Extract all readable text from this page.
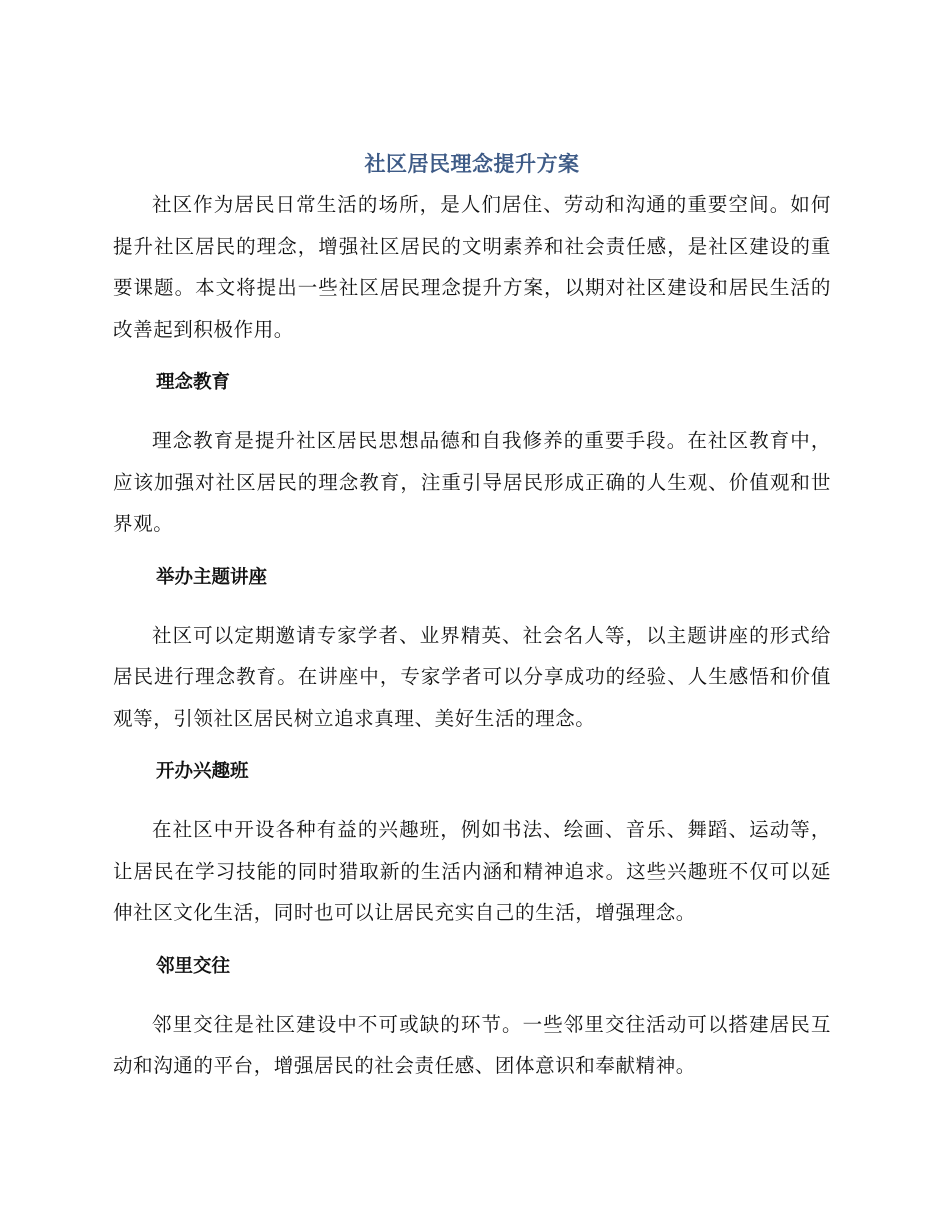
社区居民理念提升方案

社区作为居民日常生活的场所，是人们居住、劳动和沟通的重要空间。如何提升社区居民的理念，增强社区居民的文明素养和社会责任感，是社区建设的重要课题。本文将提出一些社区居民理念提升方案，以期对社区建设和居民生活的改善起到积极作用。

理念教育

理念教育是提升社区居民思想品德和自我修养的重要手段。在社区教育中，应该加强对社区居民的理念教育，注重引导居民形成正确的人生观、价值观和世界观。

举办主题讲座

社区可以定期邀请专家学者、业界精英、社会名人等，以主题讲座的形式给居民进行理念教育。在讲座中，专家学者可以分享成功的经验、人生感悟和价值观等，引领社区居民树立追求真理、美好生活的理念。

开办兴趣班

在社区中开设各种有益的兴趣班，例如书法、绘画、音乐、舞蹈、运动等，让居民在学习技能的同时猎取新的生活内涵和精神追求。这些兴趣班不仅可以延伸社区文化生活，同时也可以让居民充实自己的生活，增强理念。

邻里交往

邻里交往是社区建设中不可或缺的环节。一些邻里交往活动可以搭建居民互动和沟通的平台，增强居民的社会责任感、团体意识和奉献精神。
